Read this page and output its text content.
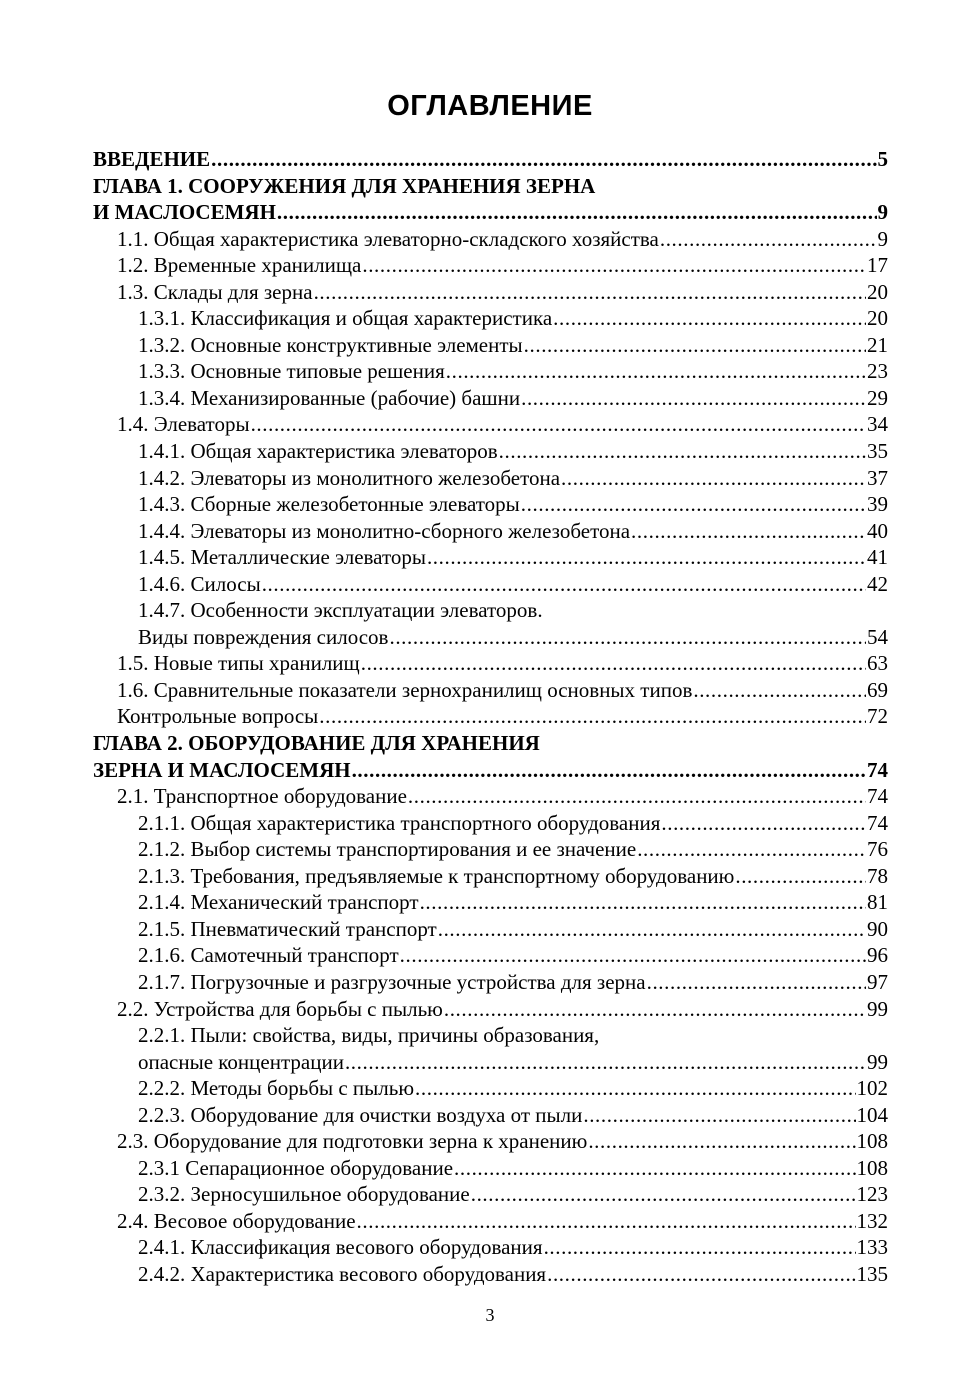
ОГЛАВЛЕНИЕ
ВВЕДЕНИЕ .....	5
ГЛАВА 1. СООРУЖЕНИЯ ДЛЯ ХРАНЕНИЯ ЗЕРНА
И МАСЛОСЕМЯН .....	9
1.1. Общая характеристика элеваторно-складского хозяйства .....	9
1.2. Временные хранилища .....	17
1.3. Склады для зерна .....	20
1.3.1. Классификация и общая характеристика .....	20
1.3.2. Основные конструктивные элементы .....	21
1.3.3. Основные типовые решения .....	23
1.3.4. Механизированные (рабочие) башни .....	29
1.4. Элеваторы .....	34
1.4.1. Общая характеристика элеваторов .....	35
1.4.2. Элеваторы из монолитного железобетона .....	37
1.4.3. Сборные железобетонные элеваторы .....	39
1.4.4. Элеваторы из монолитно-сборного железобетона .....	40
1.4.5. Металлические элеваторы .....	41
1.4.6. Силосы .....	42
1.4.7. Особенности эксплуатации элеваторов.
Виды повреждения силосов .....	54
1.5. Новые типы хранилищ .....	63
1.6. Сравнительные показатели зернохранилищ основных типов .....	69
Контрольные вопросы .....	72
ГЛАВА 2. ОБОРУДОВАНИЕ ДЛЯ ХРАНЕНИЯ
ЗЕРНА И МАСЛОСЕМЯН .....	74
2.1. Транспортное оборудование .....	74
2.1.1. Общая характеристика транспортного оборудования .....	74
2.1.2. Выбор системы транспортирования и ее значение .....	76
2.1.3. Требования, предъявляемые к транспортному оборудованию .....	78
2.1.4. Механический транспорт .....	81
2.1.5. Пневматический транспорт .....	90
2.1.6. Самотечный транспорт .....	96
2.1.7. Погрузочные и разгрузочные устройства для зерна .....	97
2.2. Устройства для борьбы с пылью .....	99
2.2.1. Пыли: свойства, виды, причины образования,
опасные концентрации .....	99
2.2.2. Методы борьбы с пылью .....	102
2.2.3. Оборудование для очистки воздуха от пыли .....	104
2.3. Оборудование для подготовки зерна к хранению .....	108
2.3.1 Сепарационное оборудование .....	108
2.3.2. Зерносушильное оборудование .....	123
2.4. Весовое оборудование .....	132
2.4.1. Классификация весового оборудования .....	133
2.4.2. Характеристика весового оборудования .....	135
3
